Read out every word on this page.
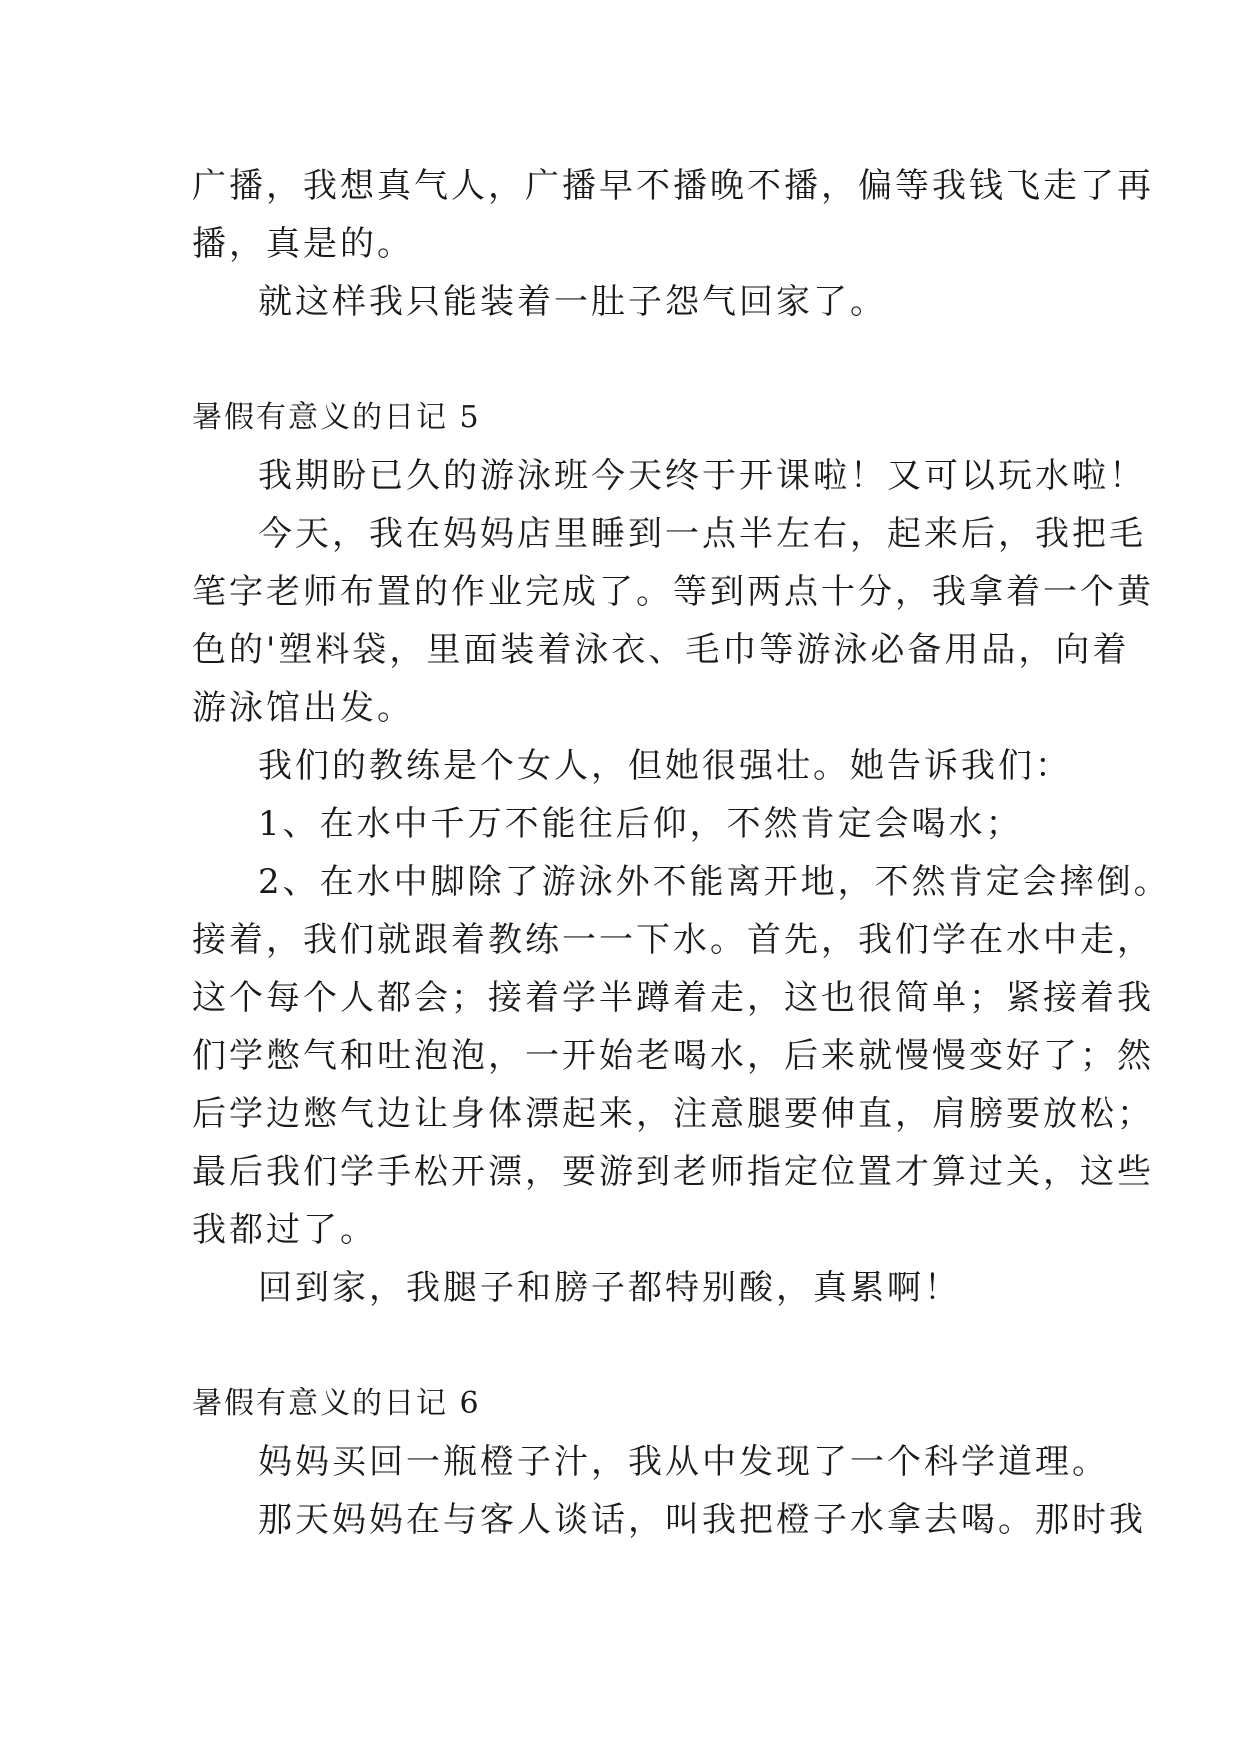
广播，我想真气人，广播早不播晚不播，偏等我钱飞走了再
播，真是的。
就这样我只能装着一肚子怨气回家了。
暑假有意义的日记 5
我期盼已久的游泳班今天终于开课啦！又可以玩水啦！
今天，我在妈妈店里睡到一点半左右，起来后，我把毛
笔字老师布置的作业完成了。等到两点十分，我拿着一个黄
色的'塑料袋，里面装着泳衣、毛巾等游泳必备用品，向着
游泳馆出发。
我们的教练是个女人，但她很强壮。她告诉我们：
1、在水中千万不能往后仰，不然肯定会喝水；
2、在水中脚除了游泳外不能离开地，不然肯定会摔倒。
接着，我们就跟着教练一一下水。首先，我们学在水中走，
这个每个人都会；接着学半蹲着走，这也很简单；紧接着我
们学憋气和吐泡泡，一开始老喝水，后来就慢慢变好了；然
后学边憋气边让身体漂起来，注意腿要伸直，肩膀要放松；
最后我们学手松开漂，要游到老师指定位置才算过关，这些
我都过了。
回到家，我腿子和膀子都特别酸，真累啊！
暑假有意义的日记 6
妈妈买回一瓶橙子汁，我从中发现了一个科学道理。
那天妈妈在与客人谈话，叫我把橙子水拿去喝。那时我
